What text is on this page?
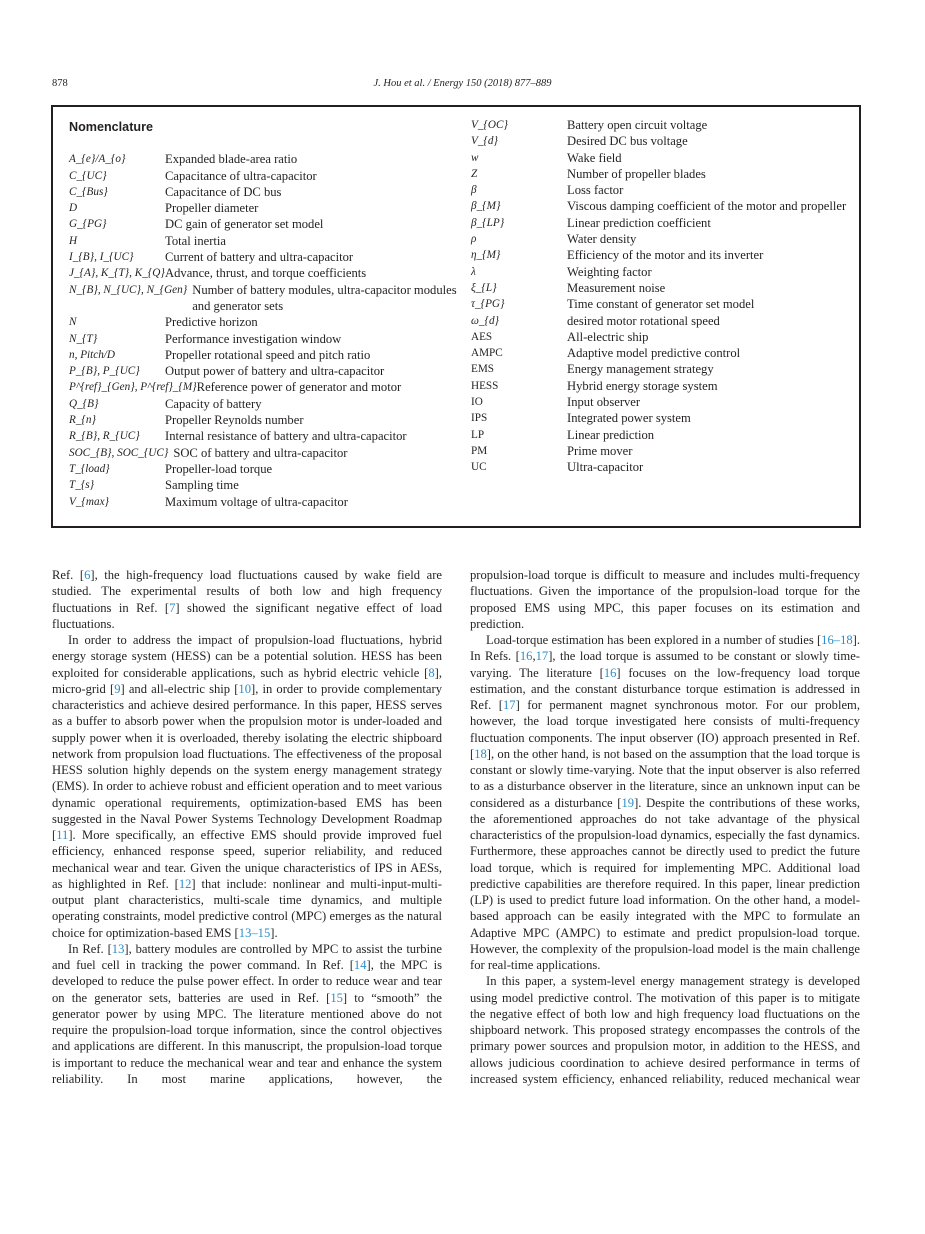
878	J. Hou et al. / Energy 150 (2018) 877–889
Nomenclature
A_{e}/A_{o}	Expanded blade-area ratio
C_{UC}	Capacitance of ultra-capacitor
C_{Bus}	Capacitance of DC bus
D	Propeller diameter
G_{PG}	DC gain of generator set model
H	Total inertia
I_{B}, I_{UC}	Current of battery and ultra-capacitor
J_{A}, K_{T}, K_{Q} Advance, thrust, and torque coefficients
N_{B}, N_{UC}, N_{Gen} Number of battery modules, ultra-capacitor modules and generator sets
N	Predictive horizon
N_{T}	Performance investigation window
n, Pitch/D	Propeller rotational speed and pitch ratio
P_{B}, P_{UC}	Output power of battery and ultra-capacitor
P^{ref}_{Gen}, P^{ref}_{M} Reference power of generator and motor
Q_{B}	Capacity of battery
R_{n}	Propeller Reynolds number
R_{B}, R_{UC}	Internal resistance of battery and ultra-capacitor
SOC_{B}, SOC_{UC} SOC of battery and ultra-capacitor
T_{load}	Propeller-load torque
T_{s}	Sampling time
V_{max}	Maximum voltage of ultra-capacitor
V_{OC}	Battery open circuit voltage
V_{d}	Desired DC bus voltage
w	Wake field
Z	Number of propeller blades
β	Loss factor
β_{M}	Viscous damping coefficient of the motor and propeller
β_{LP}	Linear prediction coefficient
ρ	Water density
η_{M}	Efficiency of the motor and its inverter
λ	Weighting factor
ξ_{L}	Measurement noise
τ_{PG}	Time constant of generator set model
ω_{d}	desired motor rotational speed
AES	All-electric ship
AMPC	Adaptive model predictive control
EMS	Energy management strategy
HESS	Hybrid energy storage system
IO	Input observer
IPS	Integrated power system
LP	Linear prediction
PM	Prime mover
UC	Ultra-capacitor

Ref. [6], the high-frequency load fluctuations caused by wake field are studied. The experimental results of both low and high frequency fluctuations in Ref. [7] showed the significant negative effect of load fluctuations.

In order to address the impact of propulsion-load fluctuations, hybrid energy storage system (HESS) can be a potential solution. HESS has been exploited for considerable applications, such as hybrid electric vehicle [8], micro-grid [9] and all-electric ship [10], in order to provide complementary characteristics and achieve desired performance. In this paper, HESS serves as a buffer to absorb power when the propulsion motor is under-loaded and supply power when it is overloaded, thereby isolating the electric shipboard network from propulsion load fluctuations. The effectiveness of the proposal HESS solution highly depends on the system energy management strategy (EMS). In order to achieve robust and efficient operation and to meet various dynamic operational requirements, optimization-based EMS has been suggested in the Naval Power Systems Technology Development Roadmap [11]. More specifically, an effective EMS should provide improved fuel efficiency, enhanced response speed, superior reliability, and reduced mechanical wear and tear. Given the unique characteristics of IPS in AESs, as highlighted in Ref. [12] that include: nonlinear and multi-input-multi-output plant characteristics, multi-scale time dynamics, and multiple operating constraints, model predictive control (MPC) emerges as the natural choice for optimization-based EMS [13–15].

In Ref. [13], battery modules are controlled by MPC to assist the turbine and fuel cell in tracking the power command. In Ref. [14], the MPC is developed to reduce the pulse power effect. In order to reduce wear and tear on the generator sets, batteries are used in Ref. [15] to “smooth” the generator power by using MPC. The literature mentioned above do not require the propulsion-load torque information, since the control objectives and applications are different. In this manuscript, the propulsion-load torque is important to reduce the mechanical wear and tear and enhance the system reliability. In most marine applications, however, the

propulsion-load torque is difficult to measure and includes multi-frequency fluctuations. Given the importance of the propulsion-load torque for the proposed EMS using MPC, this paper focuses on its estimation and prediction.

Load-torque estimation has been explored in a number of studies [16–18]. In Refs. [16,17], the load torque is assumed to be constant or slowly time-varying. The literature [16] focuses on the low-frequency load torque estimation, and the constant disturbance torque estimation is addressed in Ref. [17] for permanent magnet synchronous motor. For our problem, however, the load torque investigated here consists of multi-frequency fluctuation components. The input observer (IO) approach presented in Ref. [18], on the other hand, is not based on the assumption that the load torque is constant or slowly time-varying. Note that the input observer is also referred to as a disturbance observer in the literature, since an unknown input can be considered as a disturbance [19]. Despite the contributions of these works, the aforementioned approaches do not take advantage of the physical characteristics of the propulsion-load dynamics, especially the fast dynamics. Furthermore, these approaches cannot be directly used to predict the future load torque, which is required for implementing MPC. Additional load predictive capabilities are therefore required. In this paper, linear prediction (LP) is used to predict future load information. On the other hand, a model-based approach can be easily integrated with the MPC to formulate an Adaptive MPC (AMPC) to estimate and predict propulsion-load torque. However, the complexity of the propulsion-load model is the main challenge for real-time applications.

In this paper, a system-level energy management strategy is developed using model predictive control. The motivation of this paper is to mitigate the negative effect of both low and high frequency load fluctuations on the shipboard network. This proposed strategy encompasses the controls of the primary power sources and propulsion motor, in addition to the HESS, and allows judicious coordination to achieve desired performance in terms of increased system efficiency, enhanced reliability, reduced mechanical wear
